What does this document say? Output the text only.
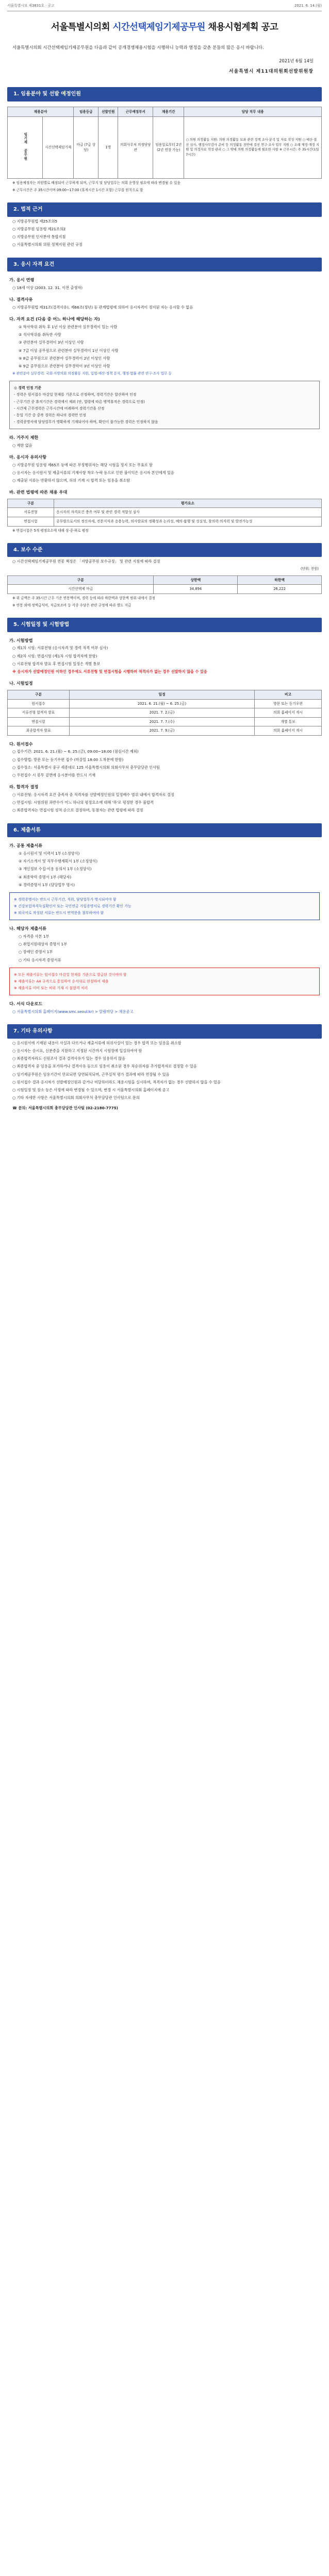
서울특별시보 제3831호 · 공고	2021. 6. 14.(월)
서울특별시의회 시간선택제임기제공무원 채용시험계획 공고

서울특별시의회 시간선택제임기제공무원을 다음과 같이 공개경쟁채용시험을 시행하니 능력과 열정을 갖춘 분들의 많은 응시 바랍니다.

2021년 6월 14일

서울특별시 제11대의원회선발위원장

1. 임용분야 및 선발 예정인원
채용분야		임용등급	선발인원	근무예정부서	채용기간	담당 직무 내용
임기제 공무원	시간선택제임기제	마급 (7급 상당)	1명	의회사무처 의정담당관	임용일로부터 2년 (2년 연장 가능)	○ 의원 의정활동 지원: 의원 의정활동 보좌 관련 정책 조사·분석 및 자료 작성 지원 ○ 예산·결산 심사, 행정사무감사 준비 등 의정활동 전반에 걸친 연구·조사 업무 지원 ○ 조례 제정·개정 지원 및 의정자료 작성·관리 ○ 그 밖에 의원 의정활동에 필요한 사항 ※ 근무시간: 주 35시간(1일 7시간)

※ 임용예정자는 의원별로 배정되어 근무하게 되며, 근무지 및 담당업무는 의회 운영상 필요에 따라 변경될 수 있음

※ 근무시간은 주 35시간이며 09:00~17:00 (휴게시간 1시간 포함) 근무를 원칙으로 함

2. 법적 근거

○ 지방공무원법 제25조의5

○ 지방공무원 임용령 제21조의2

○ 지방공무원 인사분야 통합지침

○ 서울특별시의회 의원 정책지원 관련 규정

3. 응시 자격 요건

가. 응시 연령

○ 18세 이상 (2003. 12. 31. 이전 출생자)

나. 결격사유

○ 지방공무원법 제31조(결격사유), 제66조(정년) 등 관계법령에 의하여 응시자격이 정지된 자는 응시할 수 없음

다. 자격 요건 (다음 중 어느 하나에 해당하는 자)

① 학사학위 취득 후 1년 이상 관련분야 실무경력이 있는 사람

② 석사학위를 취득한 사람

③ 관련분야 실무경력이 3년 이상인 사람

④ 7급 이상 공무원으로 관련분야 실무경력이 1년 이상인 사람

⑤ 8급 공무원으로 관련분야 실무경력이 2년 이상인 사람

⑥ 9급 공무원으로 관련분야 실무경력이 3년 이상인 사람

※ 관련분야 실무경력: 국회·지방의회 의정활동 지원, 입법·예산·정책 분석, 행정·법률 관련 연구·조사 업무 등

◎ 경력 인정 기준

- 경력은 원서접수 마감일 현재를 기준으로 산정하며, 경력기간은 합산하여 인정

- 근무기간 중 휴직기간은 경력에서 제외 (단, 법령에 따른 병역휴직은 경력으로 인정)

- 시간제 근무경력은 근무시간에 비례하여 경력기간을 산정

- 동일 기간 중 중복 경력은 하나의 경력만 인정

- 경력증명서에 담당업무가 명확하게 기재되어야 하며, 확인이 불가능한 경력은 인정하지 않음

라. 거주지 제한

○ 제한 없음

마. 응시자 유의사항

○ 지방공무원 임용령 제65조 등에 따른 부정행위자는 해당 시험을 정지 또는 무효로 함

○ 응시자는 응시원서 및 제출서류의 기재사항 착오·누락 등으로 인한 불이익은 응시자 본인에게 있음

○ 제출된 서류는 반환하지 않으며, 허위 기재 시 합격 또는 임용을 취소함

바. 관련 법령에 따른 채용 우대

구분	평가요소
서류전형	응시자의 자격요건 충족 여부 및 관련 경력 적합성 심사
면접시험	공무원으로서의 정신자세, 전문지식과 응용능력, 의사발표의 정확성과 논리성, 예의·품행 및 성실성, 창의력·의지력 및 발전가능성

※ 면접시험은 5개 평정요소에 대해 상·중·하로 평정

4. 보수 수준

○ 시간선택제임기제공무원 연봉 책정은 「지방공무원 보수규정」 및 관련 지침에 따라 결정

(단위: 천원)

구분	상한액	하한액
시간선택제 마급	34,894	26,222

※ 위 금액은 주 35시간 근무 기준 연봉액이며, 경력 등에 따라 하한액과 상한액 범위 내에서 결정

※ 연봉 외에 정액급식비, 직급보조비 등 각종 수당은 관련 규정에 따라 별도 지급

5. 시험일정 및 시험방법

가. 시험방법

○ 제1차 시험: 서류전형 (응시자격 및 경력 적격 여부 심사)

○ 제2차 시험: 면접시험 (제1차 시험 합격자에 한함)

○ 서류전형 합격자 발표 후 면접시험 일정은 개별 통보

※ 응시자가 선발예정인원 이하인 경우에도 서류전형 및 면접시험을 시행하며 적격자가 없는 경우 선발하지 않을 수 있음

나. 시험일정

구분	일정	비고
원서접수	2021. 6. 21.(월) ~ 6. 25.(금)	방문 또는 등기우편
서류전형 합격자 발표	2021. 7. 2.(금)	의회 홈페이지 게시
면접시험	2021. 7. 7.(수)	개별 통보
최종합격자 발표	2021. 7. 9.(금)	의회 홈페이지 게시

다. 원서접수

○ 접수기간: 2021. 6. 21.(월) ~ 6. 25.(금), 09:00~18:00 (점심시간 제외)

○ 접수방법: 방문 또는 등기우편 접수 (마감일 18:00 도착분에 한함)

○ 접수장소: 서울특별시 중구 세종대로 125 서울특별시의회 의회사무처 총무담당관 인사팀

○ 우편접수 시 봉투 겉면에 응시분야를 반드시 기재

라. 합격자 결정

○ 서류전형: 응시자격 요건 충족자 중 적격자를 선발예정인원의 일정배수 범위 내에서 합격자로 결정

○ 면접시험: 시험위원 과반수가 어느 하나의 평정요소에 대해 '하'로 평정한 경우 불합격

○ 최종합격자는 면접시험 성적 순으로 결정하며, 동점자는 관련 법령에 따라 결정

6. 제출서류

가. 공통 제출서류

① 응시원서 및 이력서 1부 (소정양식)

② 자기소개서 및 직무수행계획서 1부 (소정양식)

③ 개인정보 수집·이용 동의서 1부 (소정양식)

④ 최종학력 증명서 1부 (해당자)

⑤ 경력증명서 1부 (담당업무 명시)

※ 경력증명서는 반드시 근무기간, 직위, 담당업무가 명시되어야 함

※ 건강보험자격득실확인서 또는 국민연금 가입증명서로 경력기간 확인 가능

※ 외국어로 작성된 서류는 반드시 번역문을 첨부하여야 함

나. 해당자 제출서류

○ 자격증 사본 1부

○ 취업지원대상자 증명서 1부

○ 장애인 증명서 1부

○ 기타 응시자격 증빙서류

※ 모든 제출서류는 원서접수 마감일 현재를 기준으로 발급된 것이어야 함

※ 제출서류는 A4 규격으로 통일하여 순서대로 편철하여 제출

※ 제출서류 미비 또는 허위 기재 시 불합격 처리

다. 서식 다운로드

○ 서울특별시의회 홈페이지(www.smc.seoul.kr) > 알림마당 > 채용공고

7. 기타 유의사항

○ 응시원서에 기재된 내용이 사실과 다르거나 제출서류에 허위사실이 있는 경우 합격 또는 임용을 취소함

○ 응시자는 응시표, 신분증을 지참하고 지정된 시간까지 시험장에 입실하여야 함

○ 최종합격자라도 신원조사 결과 결격사유가 있는 경우 임용하지 않음

○ 최종합격자 중 임용을 포기하거나 결격사유 등으로 임용이 취소된 경우 차순위자를 추가합격자로 결정할 수 있음

○ 임기제공무원은 임용기간이 만료되면 당연퇴직되며, 근무실적 평가 결과에 따라 연장될 수 있음

○ 원서접수 결과 응시자가 선발예정인원과 같거나 미달하더라도 채용시험을 실시하며, 적격자가 없는 경우 선발하지 않을 수 있음

○ 시험일정 및 장소 등은 사정에 따라 변경될 수 있으며, 변경 시 서울특별시의회 홈페이지에 공고

○ 기타 자세한 사항은 서울특별시의회 의회사무처 총무담당관 인사팀으로 문의

☎ 문의: 서울특별시의회 총무담당관 인사팀 (02-2180-7775)
